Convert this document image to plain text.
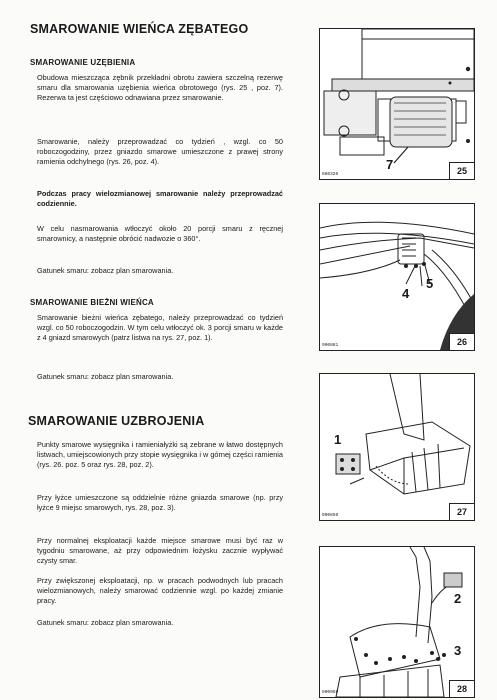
SMAROWANIE WIEŃCA ZĘBATEGO
SMAROWANIE UZĘBIENIA

Obudowa mieszcząca zębnik przekładni obrotu zawiera szczelną rezerwę smaru dla smarowania uzębienia wieńca obrotowego (rys. 25 , poz. 7). Rezerwa ta jest częściowo odnawiana przez smarowanie.

Smarowanie, należy przeprowadzać co tydzień , wzgl. co 50 roboczogodziny, przez gniazdo smarowe umieszczone z prawej strony ramienia odchylnego (rys. 26, poz. 4).

Podczas pracy wielozmianowej smarowanie należy przeprowadzać codziennie.

W celu nasmarowania wtłoczyć około 20 porcji smaru z ręcznej smarownicy, a następnie obrócić nadwozie o 360°.

Gatunek smaru: zobacz plan smarowania.

SMAROWANIE BIEŻNI WIEŃCA

Smarowanie bieżni wieńca zębatego, należy przeprowadzać co tydzień wzgl. co 50 roboczogodzin. W tym celu wtłoczyć ok. 3 porcji smaru w każde z 4 gniazd smarowych (patrz listwa na rys. 27, poz. 1).

Gatunek smaru: zobacz plan smarowania.

SMAROWANIE UZBROJENIA

Punkty smarowe wysięgnika i ramieniałyżki są zebrane w łatwo dostępnych listwach, umiejscowionych przy stopie wysięgnika i w górnej części ramienia (rys. 26. poz. 5 oraz rys. 28, poz. 2).

Przy łyżce umieszczone są oddzielnie różne gniazda smarowe (np. przy łyżce 9 miejsc smarowych, rys. 28, poz. 3).

Przy normalnej eksploatacji każde miejsce smarowe musi być raz w tygodniu smarowane, aż przy odpowiednim łożysku zacznie wypływać czysty smar.

Przy zwiększonej eksploatacji, np. w pracach podwodnych lub pracach wielozmianowych, należy smarować codziennie wzgl. po każdej zmianie pracy.

Gatunek smaru: zobacz plan smarowania.

7
880320	25
4
5
900881	26
1
900850	27
2
3
900069	28
